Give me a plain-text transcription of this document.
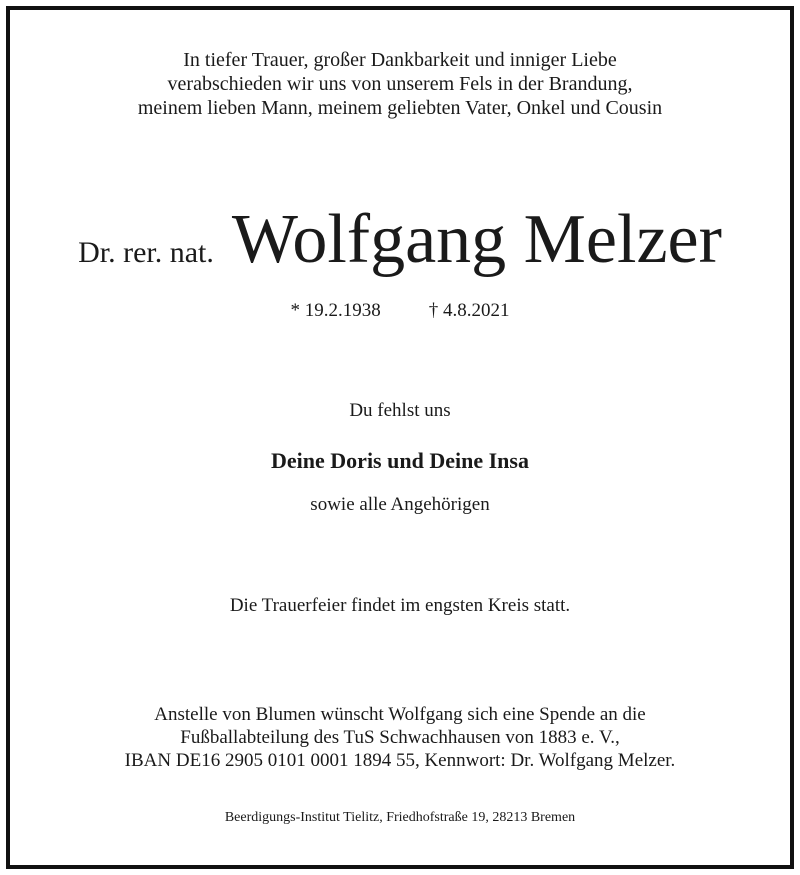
In tiefer Trauer, großer Dankbarkeit und inniger Liebe
verabschieden wir uns von unserem Fels in der Brandung,
meinem lieben Mann, meinem geliebten Vater, Onkel und Cousin
Dr. rer. nat. Wolfgang Melzer
* 19.2.1938	† 4.8.2021
Du fehlst uns
Deine Doris und Deine Insa
sowie alle Angehörigen
Die Trauerfeier findet im engsten Kreis statt.
Anstelle von Blumen wünscht Wolfgang sich eine Spende an die
Fußballabteilung des TuS Schwachhausen von 1883 e. V.,
IBAN DE16 2905 0101 0001 1894 55, Kennwort: Dr. Wolfgang Melzer.
Beerdigungs-Institut Tielitz, Friedhofstraße 19, 28213 Bremen
